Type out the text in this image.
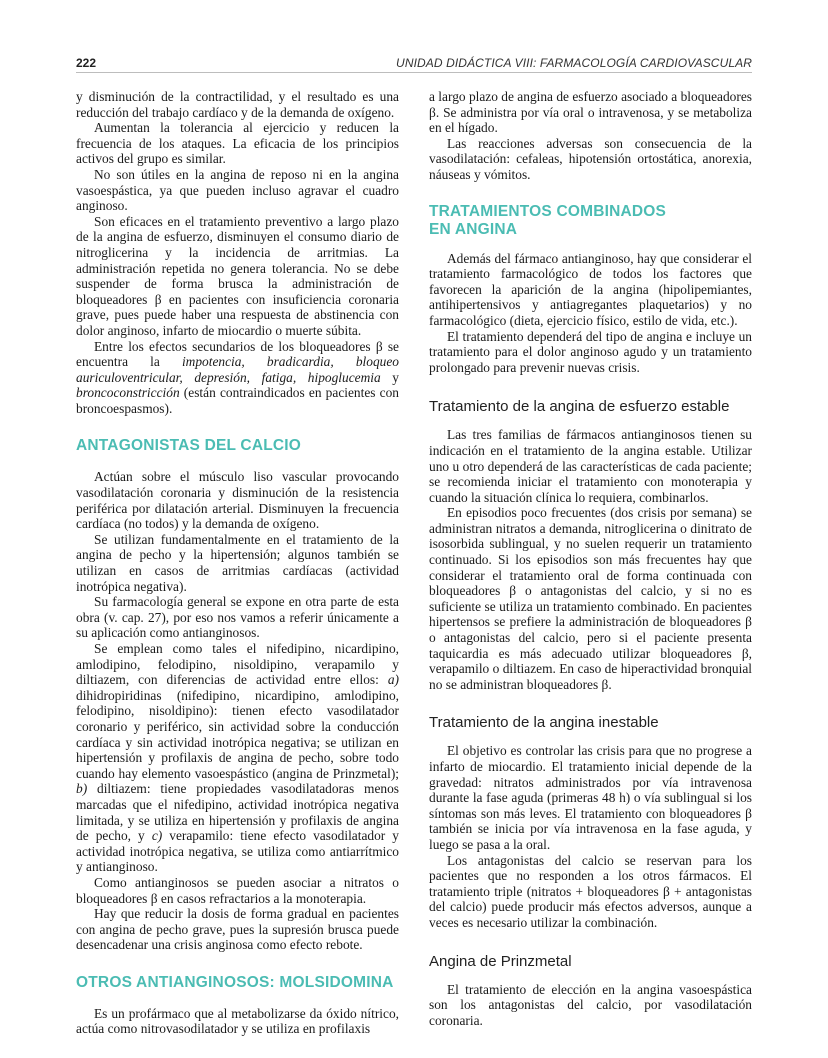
222	UNIDAD DIDÁCTICA VIII: FARMACOLOGÍA CARDIOVASCULAR

y disminución de la contractilidad, y el resultado es una reducción del trabajo cardíaco y de la demanda de oxígeno.

Aumentan la tolerancia al ejercicio y reducen la frecuencia de los ataques. La eficacia de los principios activos del grupo es similar.

No son útiles en la angina de reposo ni en la angina vasoespástica, ya que pueden incluso agravar el cuadro anginoso.

Son eficaces en el tratamiento preventivo a largo plazo de la angina de esfuerzo, disminuyen el consumo diario de nitroglicerina y la incidencia de arritmias. La administración repetida no genera tolerancia. No se debe suspender de forma brusca la administración de bloqueadores β en pacientes con insuficiencia coronaria grave, pues puede haber una respuesta de abstinencia con dolor anginoso, infarto de miocardio o muerte súbita.

Entre los efectos secundarios de los bloqueadores β se encuentra la impotencia, bradicardia, bloqueo auriculoventricular, depresión, fatiga, hipoglucemia y broncoconstricción (están contraindicados en pacientes con broncoespasmos).

ANTAGONISTAS DEL CALCIO

Actúan sobre el músculo liso vascular provocando vasodilatación coronaria y disminución de la resistencia periférica por dilatación arterial. Disminuyen la frecuencia cardíaca (no todos) y la demanda de oxígeno.

Se utilizan fundamentalmente en el tratamiento de la angina de pecho y la hipertensión; algunos también se utilizan en casos de arritmias cardíacas (actividad inotrópica negativa).

Su farmacología general se expone en otra parte de esta obra (v. cap. 27), por eso nos vamos a referir únicamente a su aplicación como antianginosos.

Se emplean como tales el nifedipino, nicardipino, amlodipino, felodipino, nisoldipino, verapamilo y diltiazem, con diferencias de actividad entre ellos: a) dihidropiridinas (nifedipino, nicardipino, amlodipino, felodipino, nisoldipino): tienen efecto vasodilatador coronario y periférico, sin actividad sobre la conducción cardíaca y sin actividad inotrópica negativa; se utilizan en hipertensión y profilaxis de angina de pecho, sobre todo cuando hay elemento vasoespástico (angina de Prinzmetal); b) diltiazem: tiene propiedades vasodilatadoras menos marcadas que el nifedipino, actividad inotrópica negativa limitada, y se utiliza en hipertensión y profilaxis de angina de pecho, y c) verapamilo: tiene efecto vasodilatador y actividad inotrópica negativa, se utiliza como antiarrítmico y antianginoso.

Como antianginosos se pueden asociar a nitratos o bloqueadores β en casos refractarios a la monoterapia.

Hay que reducir la dosis de forma gradual en pacientes con angina de pecho grave, pues la supresión brusca puede desencadenar una crisis anginosa como efecto rebote.

OTROS ANTIANGINOSOS: MOLSIDOMINA

Es un profármaco que al metabolizarse da óxido nítrico, actúa como nitrovasodilatador y se utiliza en profilaxis

a largo plazo de angina de esfuerzo asociado a bloqueadores β. Se administra por vía oral o intravenosa, y se metaboliza en el hígado.

Las reacciones adversas son consecuencia de la vasodilatación: cefaleas, hipotensión ortostática, anorexia, náuseas y vómitos.

TRATAMIENTOS COMBINADOS
EN ANGINA

Además del fármaco antianginoso, hay que considerar el tratamiento farmacológico de todos los factores que favorecen la aparición de la angina (hipolipemiantes, antihipertensivos y antiagregantes plaquetarios) y no farmacológico (dieta, ejercicio físico, estilo de vida, etc.).

El tratamiento dependerá del tipo de angina e incluye un tratamiento para el dolor anginoso agudo y un tratamiento prolongado para prevenir nuevas crisis.

Tratamiento de la angina de esfuerzo estable

Las tres familias de fármacos antianginosos tienen su indicación en el tratamiento de la angina estable. Utilizar uno u otro dependerá de las características de cada paciente; se recomienda iniciar el tratamiento con monoterapia y cuando la situación clínica lo requiera, combinarlos.

En episodios poco frecuentes (dos crisis por semana) se administran nitratos a demanda, nitroglicerina o dinitrato de isosorbida sublingual, y no suelen requerir un tratamiento continuado. Si los episodios son más frecuentes hay que considerar el tratamiento oral de forma continuada con bloqueadores β o antagonistas del calcio, y si no es suficiente se utiliza un tratamiento combinado. En pacientes hipertensos se prefiere la administración de bloqueadores β o antagonistas del calcio, pero si el paciente presenta taquicardia es más adecuado utilizar bloqueadores β, verapamilo o diltiazem. En caso de hiperactividad bronquial no se administran bloqueadores β.

Tratamiento de la angina inestable

El objetivo es controlar las crisis para que no progrese a infarto de miocardio. El tratamiento inicial depende de la gravedad: nitratos administrados por vía intravenosa durante la fase aguda (primeras 48 h) o vía sublingual si los síntomas son más leves. El tratamiento con bloqueadores β también se inicia por vía intravenosa en la fase aguda, y luego se pasa a la oral.

Los antagonistas del calcio se reservan para los pacientes que no responden a los otros fármacos. El tratamiento triple (nitratos + bloqueadores β + antagonistas del calcio) puede producir más efectos adversos, aunque a veces es necesario utilizar la combinación.

Angina de Prinzmetal

El tratamiento de elección en la angina vasoespástica son los antagonistas del calcio, por vasodilatación coronaria.
